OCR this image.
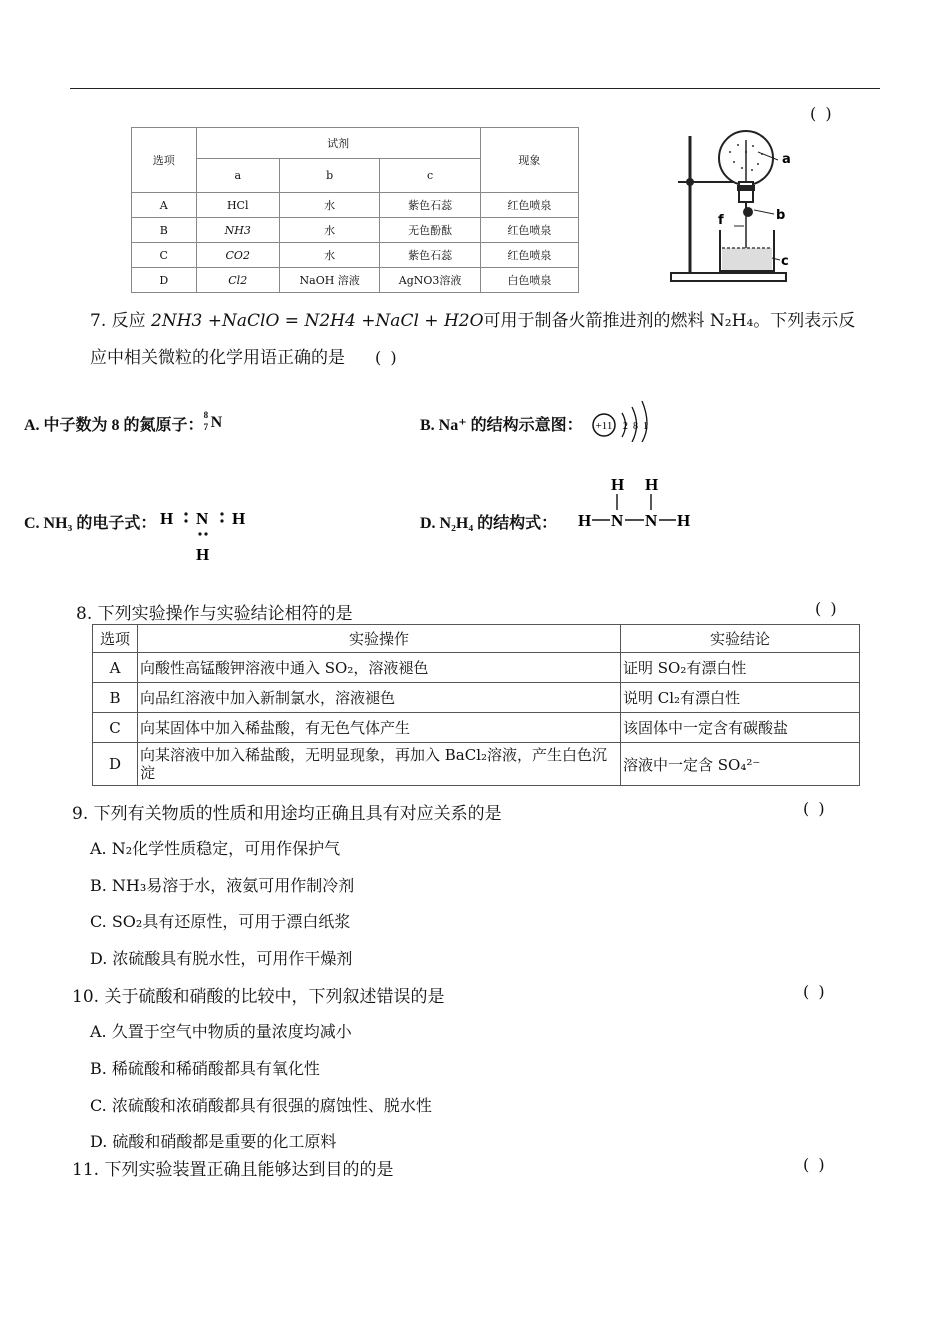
( )
选项	试剂			现象
	a	b	c	
A	HCl	水	紫色石蕊	红色喷泉
B	NH3	水	无色酚酞	红色喷泉
C	CO2	水	紫色石蕊	红色喷泉
D	Cl2	NaOH 溶液	AgNO3溶液	白色喷泉
a
b
c
f
7. 反应 2NH3 +NaClO = N2H4 +NaCl + H2O可用于制备火箭推进剂的燃料 N₂H₄。下列表示反
应中相关微粒的化学用语正确的是 ( )
A. 中子数为 8 的氮原子：
8
7 N	B. Na⁺ 的结构示意图： +11 2 8 1
C. NH₃ 的电子式： H N H
H
D. N₂H₄ 的结构式：
H H
H N N H
8. 下列实验操作与实验结论相符的是	( )
选项	实验操作	实验结论
A	向酸性高锰酸钾溶液中通入 SO₂，溶液褪色	证明 SO₂有漂白性
B	向品红溶液中加入新制氯水，溶液褪色	说明 Cl₂有漂白性
C	向某固体中加入稀盐酸，有无色气体产生	该固体中一定含有碳酸盐
D	向某溶液中加入稀盐酸，无明显现象，再加入 BaCl₂溶液，产生白色沉淀	溶液中一定含 SO₄²⁻
9. 下列有关物质的性质和用途均正确且具有对应关系的是	( )
A. N₂化学性质稳定，可用作保护气
B. NH₃易溶于水，液氨可用作制冷剂
C. SO₂具有还原性，可用于漂白纸浆
D. 浓硫酸具有脱水性，可用作干燥剂
10. 关于硫酸和硝酸的比较中，下列叙述错误的是	( )
A. 久置于空气中物质的量浓度均减小
B. 稀硫酸和稀硝酸都具有氧化性
C. 浓硫酸和浓硝酸都具有很强的腐蚀性、脱水性
D. 硫酸和硝酸都是重要的化工原料
11. 下列实验装置正确且能够达到目的的是	( )
